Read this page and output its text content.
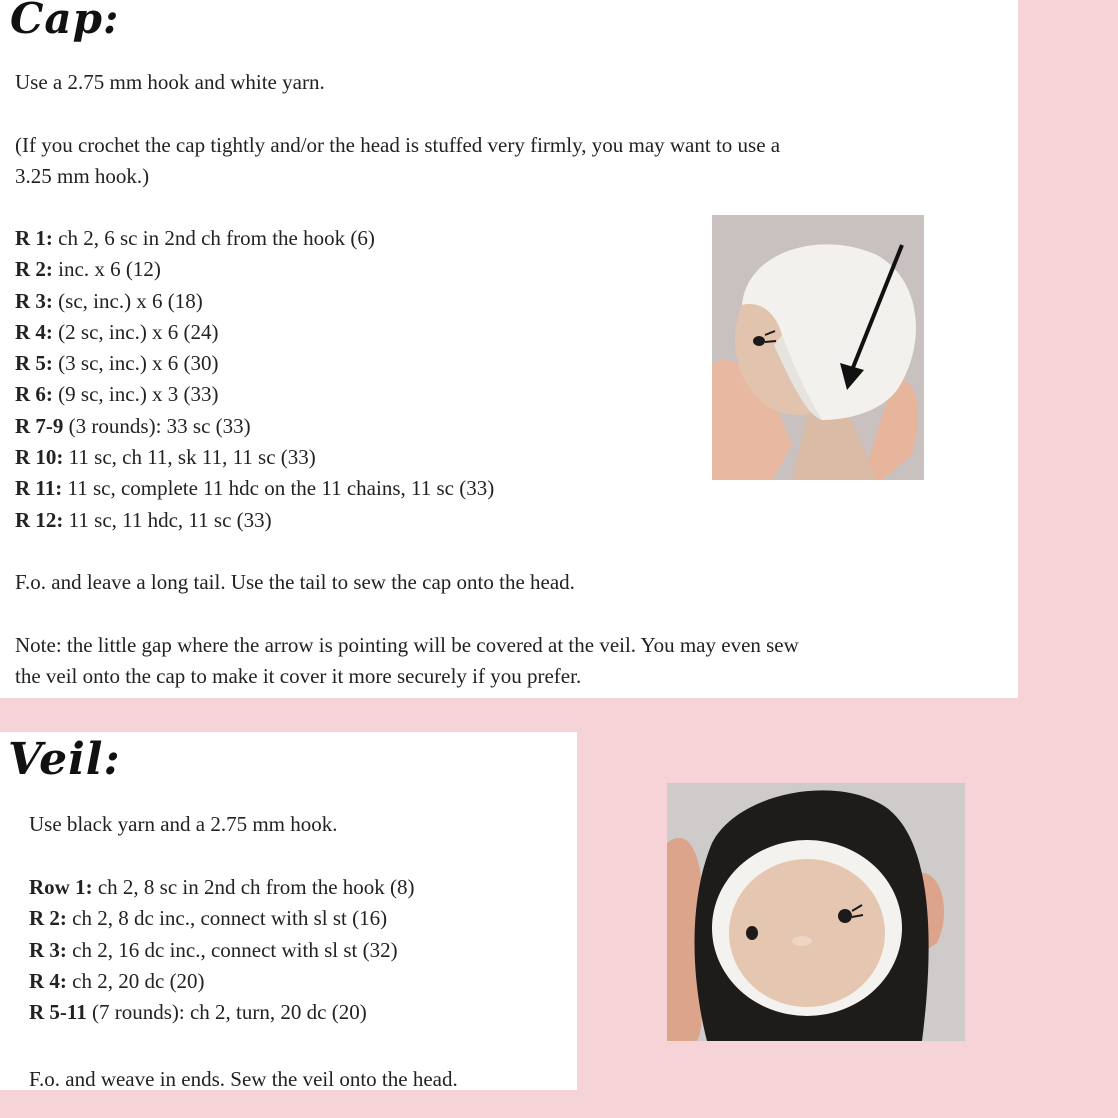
Cap:
Use a 2.75 mm hook and white yarn.
(If you crochet the cap tightly and/or the head is stuffed very firmly, you may want to use a
3.25 mm hook.)
R 1: ch 2, 6 sc in 2nd ch from the hook (6)
R 2: inc. x 6 (12)
R 3: (sc, inc.) x 6 (18)
R 4: (2 sc, inc.) x 6 (24)
R 5: (3 sc, inc.) x 6 (30)
R 6: (9 sc, inc.) x 3 (33)
R 7-9 (3 rounds): 33 sc (33)
R 10: 11 sc, ch 11, sk 11, 11 sc (33)
R 11: 11 sc, complete 11 hdc on the 11 chains, 11 sc (33)
R 12: 11 sc, 11 hdc, 11 sc (33)
F.o. and leave a long tail. Use the tail to sew the cap onto the head.
Note: the little gap where the arrow is pointing will be covered at the veil. You may even sew
the veil onto the cap to make it cover it more securely if you prefer.
Veil:
Use black yarn and a 2.75 mm hook.
Row 1: ch 2, 8 sc in 2nd ch from the hook (8)
R 2: ch 2, 8 dc inc., connect with sl st (16)
R 3: ch 2, 16 dc inc., connect with sl st (32)
R 4: ch 2, 20 dc (20)
R 5-11 (7 rounds): ch 2, turn, 20 dc (20)
F.o. and weave in ends. Sew the veil onto the head.
